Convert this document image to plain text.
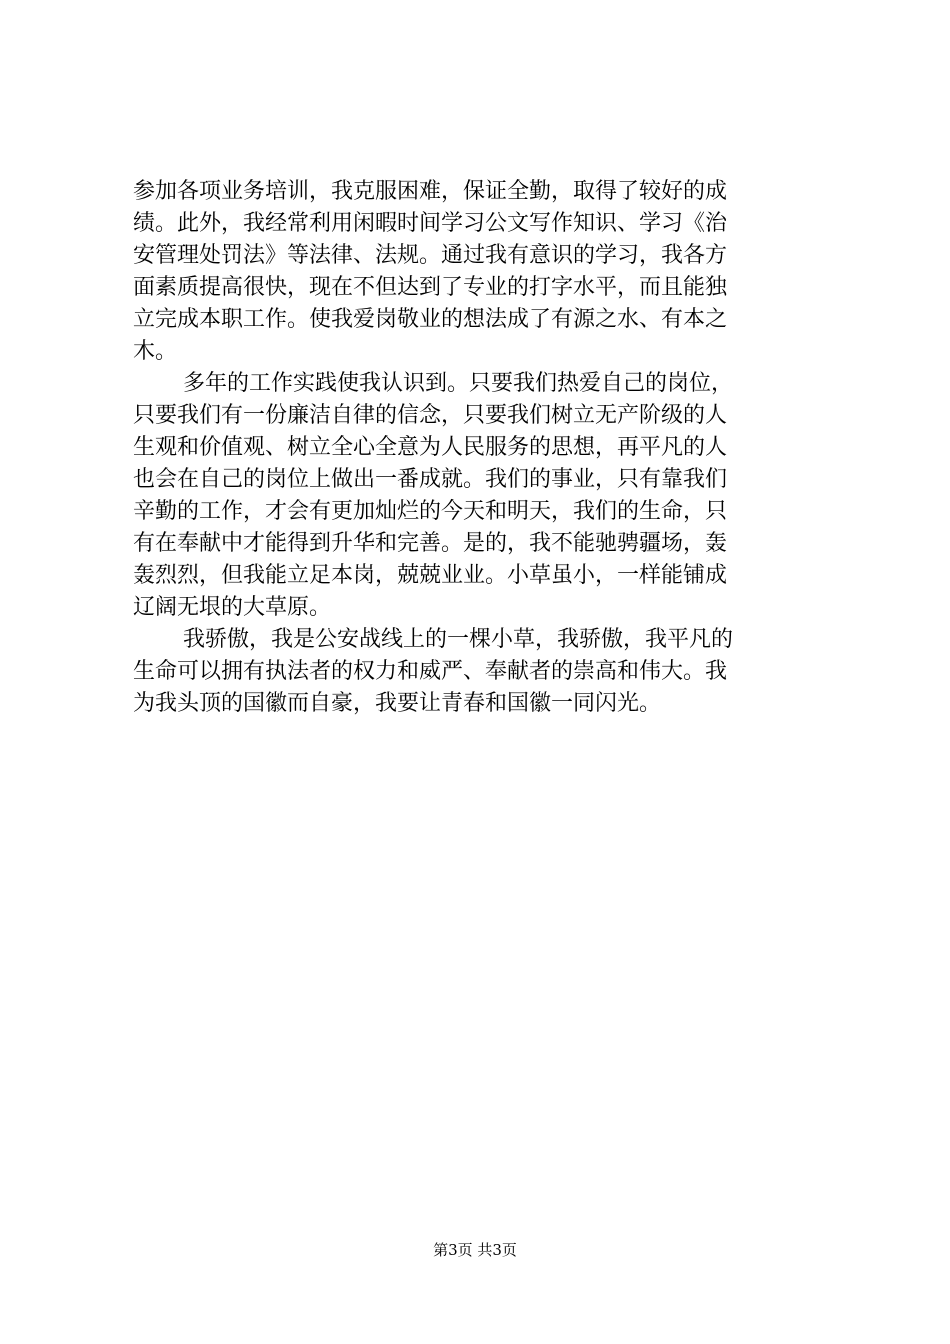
参加各项业务培训，我克服困难，保证全勤，取得了较好的成
绩。此外，我经常利用闲暇时间学习公文写作知识、学习《治
安管理处罚法》等法律、法规。通过我有意识的学习，我各方
面素质提高很快，现在不但达到了专业的打字水平，而且能独
立完成本职工作。使我爱岗敬业的想法成了有源之水、有本之
木。
多年的工作实践使我认识到。只要我们热爱自己的岗位，
只要我们有一份廉洁自律的信念，只要我们树立无产阶级的人
生观和价值观、树立全心全意为人民服务的思想，再平凡的人
也会在自己的岗位上做出一番成就。我们的事业，只有靠我们
辛勤的工作，才会有更加灿烂的今天和明天，我们的生命，只
有在奉献中才能得到升华和完善。是的，我不能驰骋疆场，轰
轰烈烈，但我能立足本岗，兢兢业业。小草虽小，一样能铺成
辽阔无垠的大草原。
我骄傲，我是公安战线上的一棵小草，我骄傲，我平凡的
生命可以拥有执法者的权力和威严、奉献者的崇高和伟大。我
为我头顶的国徽而自豪，我要让青春和国徽一同闪光。
第3页 共3页
